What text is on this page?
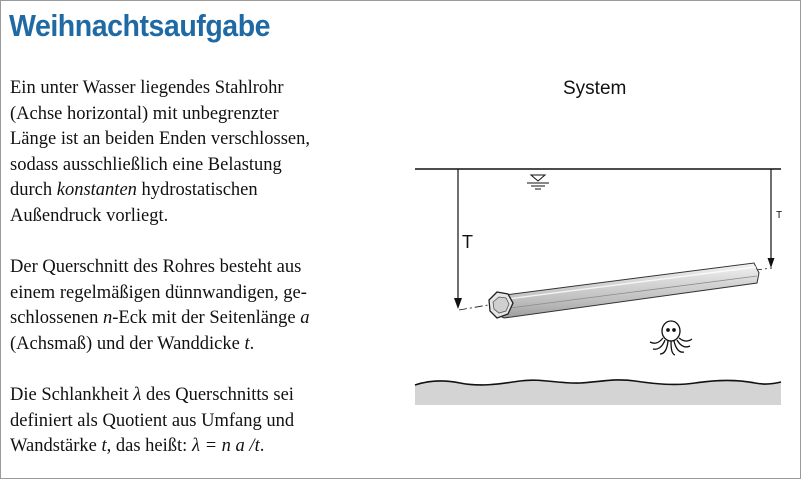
Weihnachtsaufgabe

Ein unter Wasser liegendes Stahlrohr
(Achse horizontal) mit unbegrenzter
Länge ist an beiden Enden verschlossen,
sodass ausschließlich eine Belastung
durch konstanten hydrostatischen
Außendruck vorliegt.

Der Querschnitt des Rohres besteht aus
einem regelmäßigen dünnwandigen, ge-
schlossenen n-Eck mit der Seitenlänge a
(Achsmaß) und der Wanddicke t.

Die Schlankheit λ des Querschnitts sei
definiert als Quotient aus Umfang und
Wandstärke t, das heißt: λ = n a /t.

System
T
T
